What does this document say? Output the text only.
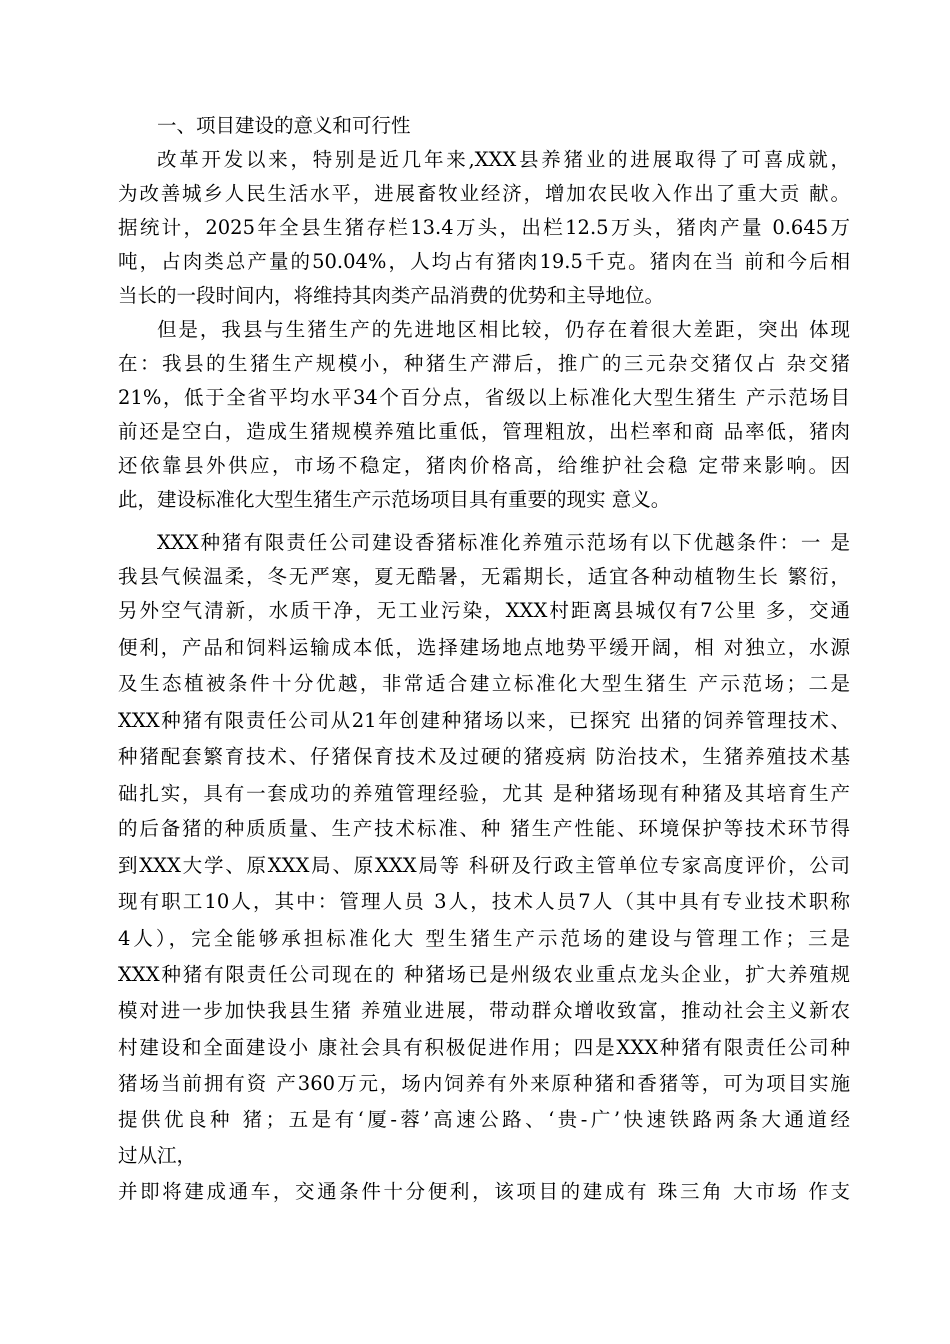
一、项目建设的意义和可行性
改革开发以来，特别是近几年来,XXX县养猪业的进展取得了可喜成就，
为改善城乡人民生活水平，进展畜牧业经济，增加农民收入作出了重大贡 献。
据统计，2025年全县生猪存栏13.4万头，出栏12.5万头，猪肉产量 0.645万
吨，占肉类总产量的50.04%，人均占有猪肉19.5千克。猪肉在当 前和今后相
当长的一段时间内，将维持其肉类产品消费的优势和主导地位。
但是，我县与生猪生产的先进地区相比较，仍存在着很大差距，突出 体现
在：我县的生猪生产规模小，种猪生产滞后，推广的三元杂交猪仅占 杂交猪
21%，低于全省平均水平34个百分点，省级以上标准化大型生猪生 产示范场目
前还是空白，造成生猪规模养殖比重低，管理粗放，出栏率和商 品率低，猪肉
还依靠县外供应，市场不稳定，猪肉价格高，给维护社会稳 定带来影响。因
此，建设标准化大型生猪生产示范场项目具有重要的现实 意义。
XXX种猪有限责任公司建设香猪标准化养殖示范场有以下优越条件：一 是
我县气候温柔，冬无严寒，夏无酷暑，无霜期长，适宜各种动植物生长 繁衍，
另外空气清新，水质干净，无工业污染，XXX村距离县城仅有7公里 多，交通
便利，产品和饲料运输成本低，选择建场地点地势平缓开阔，相 对独立，水源
及生态植被条件十分优越，非常适合建立标准化大型生猪生 产示范场；二是
XXX种猪有限责任公司从21年创建种猪场以来，已探究 出猪的饲养管理技术、
种猪配套繁育技术、仔猪保育技术及过硬的猪疫病 防治技术，生猪养殖技术基
础扎实，具有一套成功的养殖管理经验，尤其 是种猪场现有种猪及其培育生产
的后备猪的种质质量、生产技术标准、种 猪生产性能、环境保护等技术环节得
到XXX大学、原XXX局、原XXX局等 科研及行政主管单位专家高度评价，公司
现有职工10人，其中：管理人员 3人，技术人员7人（其中具有专业技术职称
4人），完全能够承担标准化大 型生猪生产示范场的建设与管理工作；三是
XXX种猪有限责任公司现在的 种猪场已是州级农业重点龙头企业，扩大养殖规
模对进一步加快我县生猪 养殖业进展，带动群众增收致富，推动社会主义新农
村建设和全面建设小 康社会具有积极促进作用；四是XXX种猪有限责任公司种
猪场当前拥有资 产360万元，场内饲养有外来原种猪和香猪等，可为项目实施
提供优良种 猪；五是有‘厦-蓉’高速公路、‘贵-广’快速铁路两条大通道经
过从江，
并即将建成通车，交通条件十分便利，该项目的建成有 珠三角 大市场 作支
